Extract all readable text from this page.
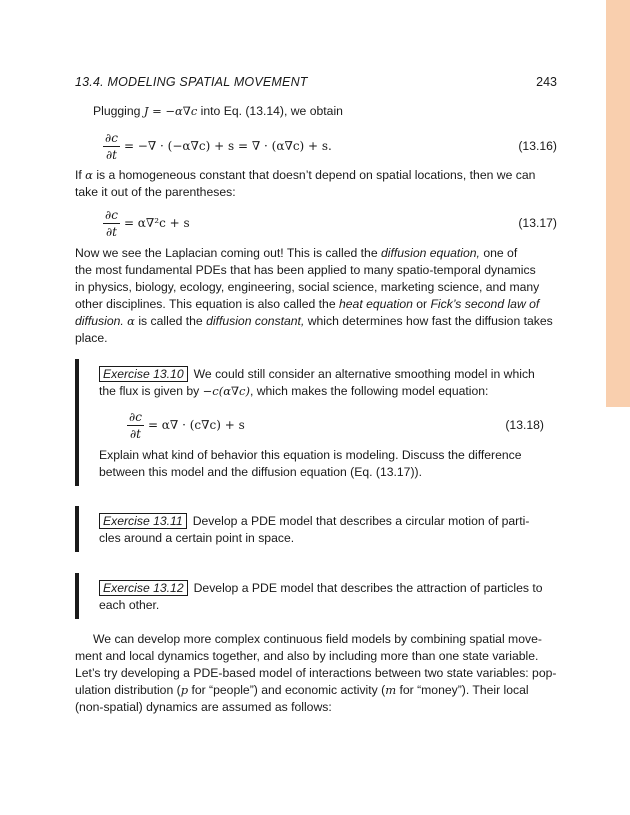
13.4. MODELING SPATIAL MOVEMENT	243

Plugging J = −α∇c into Eq. (13.14), we obtain

$\frac{\partial c}{\partial t}$ = −∇ · (−α∇c) + s = ∇ · (α∇c) + s.	(13.16)

If α is a homogeneous constant that doesn’t depend on spatial locations, then we can

take it out of the parentheses:

$\frac{\partial c}{\partial t} = \alpha\nabla^2c + s$	(13.17)

Now we see the Laplacian coming out! This is called the diffusion equation, one of

the most fundamental PDEs that has been applied to many spatio-temporal dynamics

in physics, biology, ecology, engineering, social science, marketing science, and many

other disciplines. This equation is also called the heat equation or Fick’s second law of

diffusion. α is called the diffusion constant, which determines how fast the diffusion takes

place.

Exercise 13.10 We could still consider an alternative smoothing model in which

the flux is given by −c(α∇c), which makes the following model equation:

$\frac{\partial c}{\partial t} = \alpha\nabla \cdot (c\nabla c) + s$	(13.18)

Explain what kind of behavior this equation is modeling. Discuss the difference

between this model and the diffusion equation (Eq. (13.17)).

Exercise 13.11 Develop a PDE model that describes a circular motion of parti-

cles around a certain point in space.

Exercise 13.12 Develop a PDE model that describes the attraction of particles to

each other.

We can develop more complex continuous field models by combining spatial move-

ment and local dynamics together, and also by including more than one state variable.

Let’s try developing a PDE-based model of interactions between two state variables: pop-

ulation distribution (p for “people”) and economic activity (m for “money”). Their local

(non-spatial) dynamics are assumed as follows:
